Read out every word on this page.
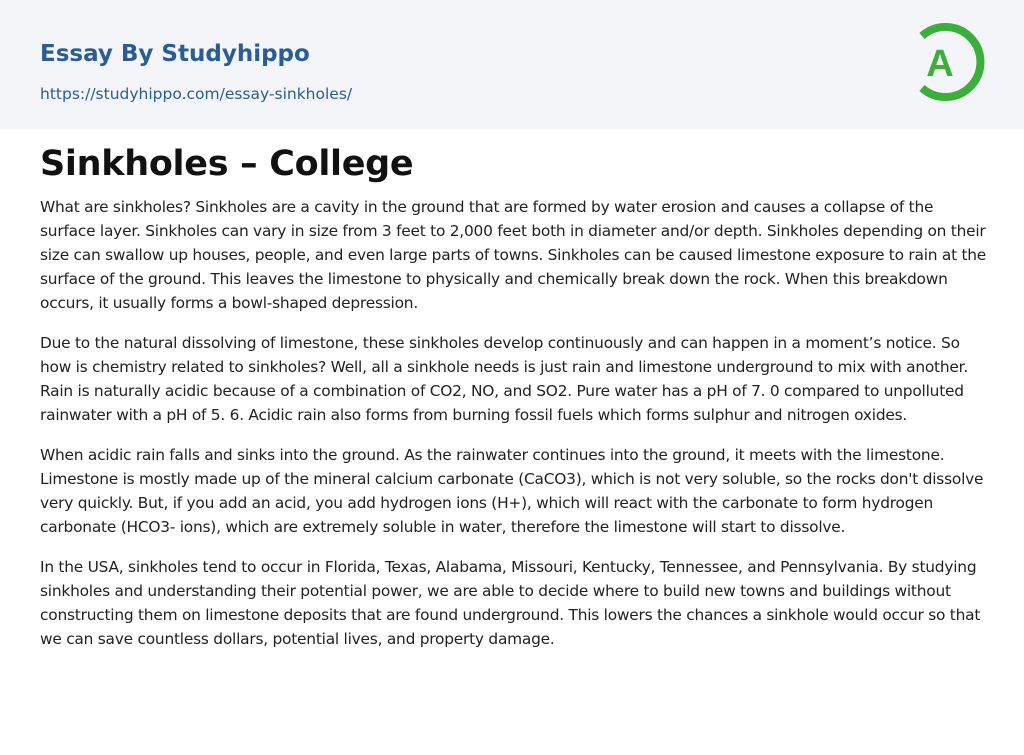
Essay By Studyhippo
https://studyhippo.com/essay-sinkholes/
A
Sinkholes – College

What are sinkholes? Sinkholes are a cavity in the ground that are formed by water erosion and causes a collapse of the surface layer. Sinkholes can vary in size from 3 feet to 2,000 feet both in diameter and/or depth. Sinkholes depending on their size can swallow up houses, people, and even large parts of towns. Sinkholes can be caused limestone exposure to rain at the surface of the ground. This leaves the limestone to physically and chemically break down the rock. When this breakdown occurs, it usually forms a bowl-shaped depression.

Due to the natural dissolving of limestone, these sinkholes develop continuously and can happen in a moment’s notice. So how is chemistry related to sinkholes? Well, all a sinkhole needs is just rain and limestone underground to mix with another. Rain is naturally acidic because of a combination of CO2, NO, and SO2. Pure water has a pH of 7. 0 compared to unpolluted rainwater with a pH of 5. 6. Acidic rain also forms from burning fossil fuels which forms sulphur and nitrogen oxides.

When acidic rain falls and sinks into the ground. As the rainwater continues into the ground, it meets with the limestone. Limestone is mostly made up of the mineral calcium carbonate (CaCO3), which is not very soluble, so the rocks don't dissolve very quickly. But, if you add an acid, you add hydrogen ions (H+), which will react with the carbonate to form hydrogen carbonate (HCO3- ions), which are extremely soluble in water, therefore the limestone will start to dissolve.

In the USA, sinkholes tend to occur in Florida, Texas, Alabama, Missouri, Kentucky, Tennessee, and Pennsylvania. By studying sinkholes and understanding their potential power, we are able to decide where to build new towns and buildings without constructing them on limestone deposits that are found underground. This lowers the chances a sinkhole would occur so that we can save countless dollars, potential lives, and property damage.
